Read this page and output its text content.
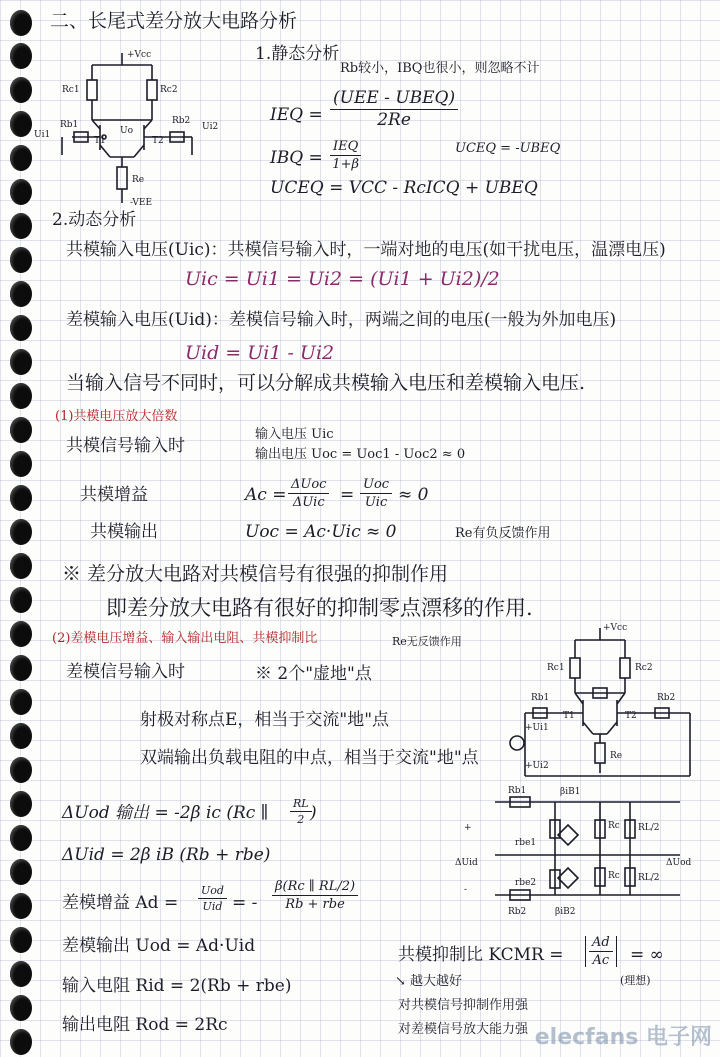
二、长尾式差分放大电路分析
+Vcc
Rc1	Rc2
T1	T2
Rb1	Rb2
Ui1
Ui2
Uo
Re
-VEE
1.静态分析
Rb较小，IBQ也很小，则忽略不计
IEQ =
(UEE - UBEQ)
2Re
IBQ =
IEQ
1+β
UCEQ = -UBEQ
UCEQ = VCC - RcICQ + UBEQ
2.动态分析
共模输入电压(Uic)：共模信号输入时，一端对地的电压(如干扰电压，温漂电压)
Uic = Ui1 = Ui2 = (Ui1 + Ui2)/2
差模输入电压(Uid)：差模信号输入时，两端之间的电压(一般为外加电压)
Uid = Ui1 - Ui2
当输入信号不同时，可以分解成共模输入电压和差模输入电压.
(1)共模电压放大倍数
共模信号输入时
输入电压 Uic
输出电压 Uoc = Uoc1 - Uoc2 ≈ 0
共模增益	Ac =
ΔUoc
ΔUic =
Uoc
Uic ≈ 0
共模输出	Uoc = Ac·Uic ≈ 0	Re有负反馈作用
※ 差分放大电路对共模信号有很强的抑制作用
即差分放大电路有很好的抑制零点漂移的作用.
(2)差模电压增益、输入输出电阻、共模抑制比	Re无反馈作用
差模信号输入时	※ 2个"虚地"点
射极对称点E，相当于交流"地"点
双端输出负载电阻的中点，相当于交流"地"点
+Vcc
Rc1	Rc2
T1	T2
Rb1	Rb2
Re
+Ui1
+Ui2
Rb1	βiB1
rbe1
Rc RL/2
Rc RL/2
rbe2
Rb2	βiB2
ΔUid
+
-
ΔUod
ΔUod 输出 = -2β ic (Rc ∥ $\frac{RL}{2}$
)
ΔUid = 2β iB (Rb + rbe)
差模增益 Ad =
Uod
Uid = -
β(Rc ∥ RL/2)
Rb + rbe
差模输出 Uod = Ad·Uid
输入电阻 Rid = 2(Rb + rbe)
输出电阻 Rod = 2Rc
共模抑制比 KCMR = $\frac{Ad}{Ac}$ = ∞
(理想)
↘ 越大越好
对共模信号抑制作用强
对差模信号放大能力强 elecfans 电子网
